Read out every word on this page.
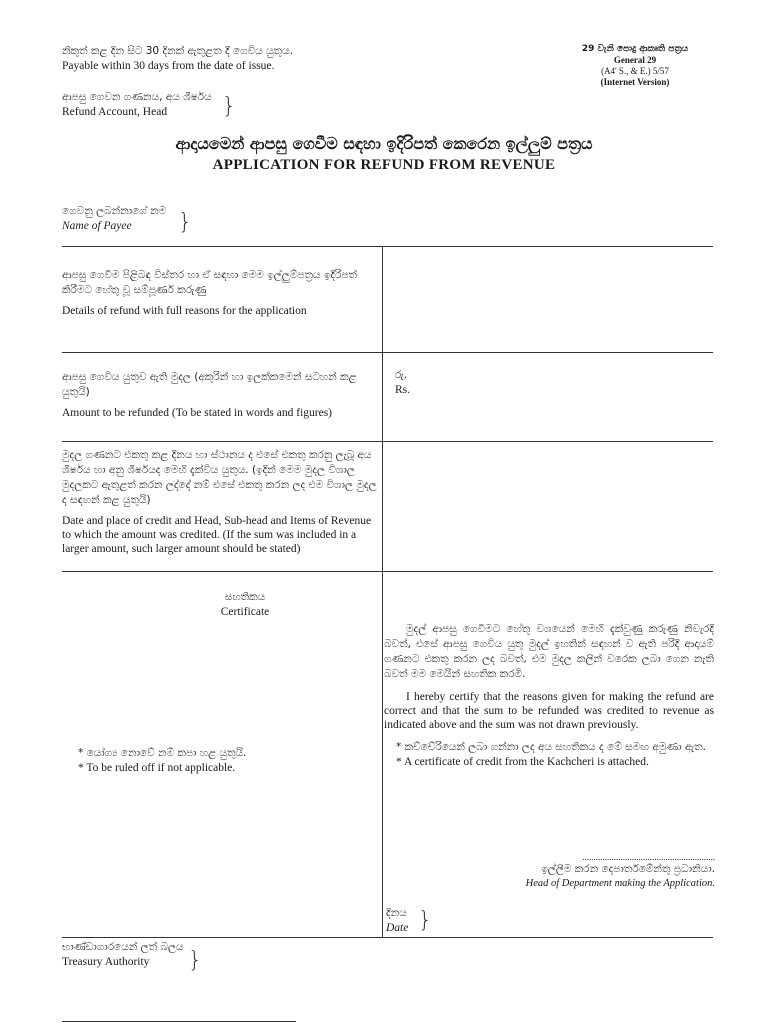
නිකුත් කළ දින සිට 30 දිනක් ඇතුළත දී ගෙවිය යුතුය.
Payable within 30 days from the date of issue.
ආපසු ගෙවන ගණනය, අය ශීර්ෂය
Refund Account, Head	}
29 වැනි පොදු ආකෘති පත්‍රය
General 29
(A4' S., & E.) 5/57
(Internet Version)
ආදායමෙන් ආපසු ගෙවීම සඳහා ඉදිරිපත් කෙරෙන ඉල්ලුම් පත්‍රය
APPLICATION FOR REFUND FROM REVENUE
ගෙවනු ලබන්නාගේ නම
Name of Payee	}
ආපසු ගෙවීම පිළිබඳ විස්තර හා ඒ සඳහා මෙම ඉල්ලුම්පත්‍රය ඉදිරිපත් කිරීමට හේතු වූ සම්පූර්ණ කරුණු
Details of refund with full reasons for the application
ආපසු ගෙවිය යුතුව ඇති මුදල (අකුරින් හා ඉලක්කමෙන් සටහන් කළ යුතුයි)
Amount to be refunded (To be stated in words and figures)
රු.
Rs.
මුදල ගණනට එකතු කළ දිනය හා ස්ථානය ද එසේ එකතු කරනු ලැබූ අය ශීර්ෂය හා අනු ශීර්ෂයද මෙහි දැක්විය යුතුය. (ඉදින් මෙම මුදල විශාල මුදලකට ඇතුළත් කරන ලද්දේ නම් එසේ එකතු කරන ලද එම විශාල මුදල ද සඳහන් කළ යුතුයි)
Date and place of credit and Head, Sub-head and Items of Revenue to which the amount was credited. (If the sum was included in a larger amount, such larger amount should be stated)
සහතිකය
Certificate

මුදල් ආපසු ගෙවීමට හේතු වශයෙන් මෙහි දැක්වුණු කරුණු නිවැරදි බවත්, එසේ ආපසු ගෙවිය යුතු මුදල් ඉහතින් සඳහන් ව ඇති පරිදි ආදායම් ගණනට එකතු කරන ලද බවත්, එම මුදල කලින් වරෙක ලබා ගෙන නැති බවත් මම මෙයින් සහතික කරමි.

I hereby certify that the reasons given for making the refund are correct and that the sum to be refunded was credited to revenue as indicated above and the sum was not drawn previously.

* කච්චේරියෙන් ලබා ගන්නා ලද අය සහතිකය ද මේ සමඟ අමුණා ඇත.
* A certificate of credit from the Kachcheri is attached.
* යෝග්‍ය නොවේ නම් කපා හළ යුතුයි.
* To be ruled off if not applicable.
...........................................................
ඉල්ලීම කරන දෙපාර්තමේන්තු ප්‍රධානියා.
Head of Department making the Application.
දිනය
Date }
භාණ්ඩාගාරයෙන් ලත් බලය
Treasury Authority	}
